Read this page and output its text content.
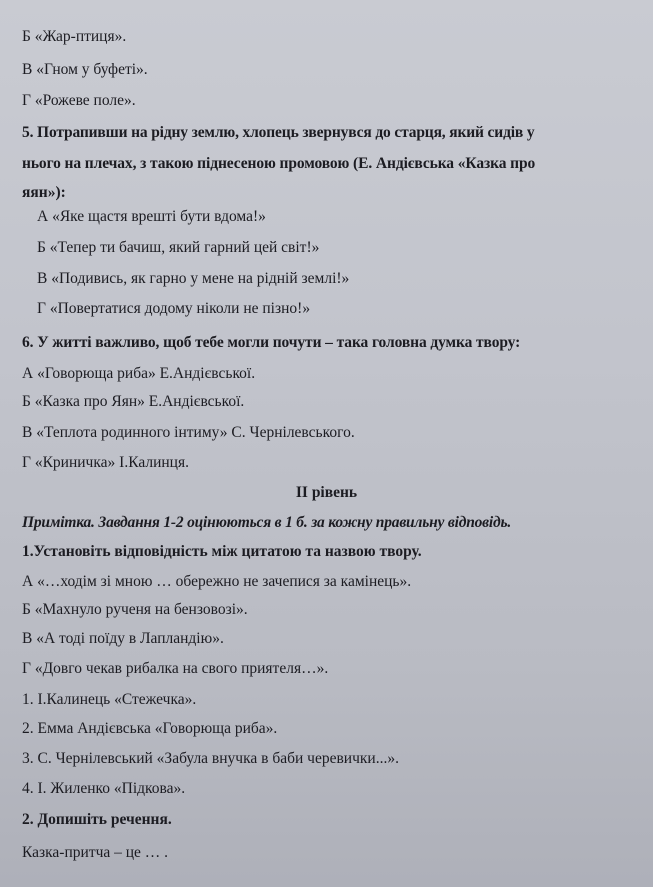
Б «Жар-птиця».
В «Гном у буфеті».
Г «Рожеве поле».
5. Потрапивши на рідну землю, хлопець звернувся до старця, який сидів у
нього на плечах, з такою піднесеною промовою (Е. Андієвська «Казка про
яян»):
А «Яке щастя врешті бути вдома!»
Б «Тепер ти бачиш, який гарний цей світ!»
В «Подивись, як гарно у мене на рідній землі!»
Г «Повертатися додому ніколи не пізно!»
6. У житті важливо, щоб тебе могли почути – така головна думка твору:
А «Говорюща риба» Е.Андієвської.
Б «Казка про Яян» Е.Андієвської.
В «Теплота родинного інтиму» С. Чернілевського.
Г «Криничка» І.Калинця.
ІІ рівень
Примітка. Завдання 1-2 оцінюються в 1 б. за кожну правильну відповідь.
1.Установіть відповідність між цитатою та назвою твору.
А «…ходім зі мною … обережно не зачепися за камінець».
Б «Махнуло рученя на бензовозі».
В «А тоді поїду в Лапландію».
Г «Довго чекав рибалка на свого приятеля…».
1. І.Калинець «Стежечка».
2. Емма Андієвська «Говорюща риба».
3. С. Чернілевський «Забула внучка в баби черевички...».
4. І. Жиленко «Підкова».
2. Допишіть речення.
Казка-притча – це … .
